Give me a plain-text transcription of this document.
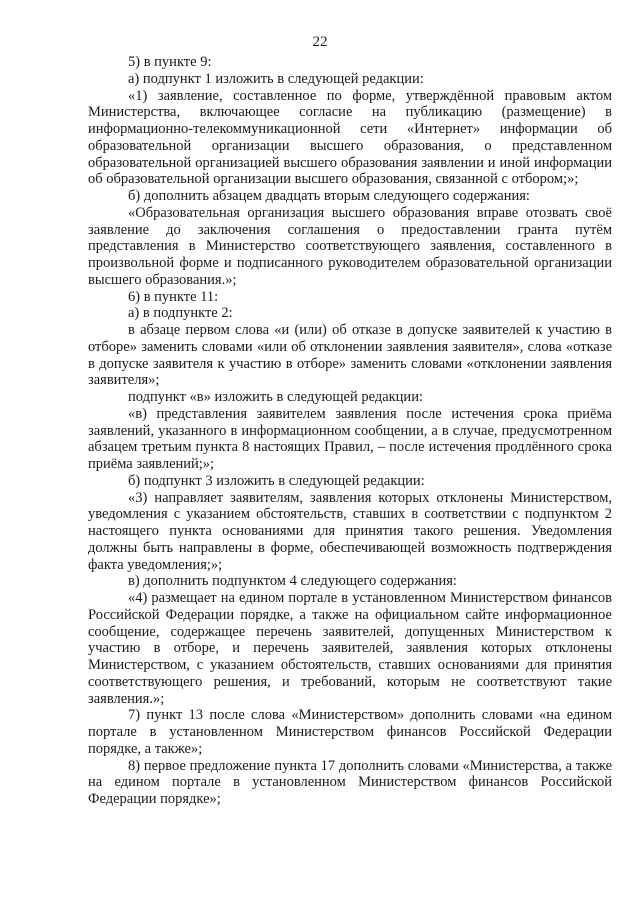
22

5) в пункте 9:

а) подпункт 1 изложить в следующей редакции:

«1) заявление, составленное по форме, утверждённой правовым актом Министерства, включающее согласие на публикацию (размещение) в информационно-телекоммуникационной сети «Интернет» информации об образовательной организации высшего образования, о представленном образовательной организацией высшего образования заявлении и иной информации об образовательной организации высшего образования, связанной с отбором;»;

б) дополнить абзацем двадцать вторым следующего содержания:

«Образовательная организация высшего образования вправе отозвать своё заявление до заключения соглашения о предоставлении гранта путём представления в Министерство соответствующего заявления, составленного в произвольной форме и подписанного руководителем образовательной организации высшего образования.»;

6) в пункте 11:

а) в подпункте 2:

в абзаце первом слова «и (или) об отказе в допуске заявителей к участию в отборе» заменить словами «или об отклонении заявления заявителя», слова «отказе в допуске заявителя к участию в отборе» заменить словами «отклонении заявления заявителя»;

подпункт «в» изложить в следующей редакции:

«в) представления заявителем заявления после истечения срока приёма заявлений, указанного в информационном сообщении, а в случае, предусмотренном абзацем третьим пункта 8 настоящих Правил, – после истечения продлённого срока приёма заявлений;»;

б) подпункт 3 изложить в следующей редакции:

«3) направляет заявителям, заявления которых отклонены Министерством, уведомления с указанием обстоятельств, ставших в соответствии с подпунктом 2 настоящего пункта основаниями для принятия такого решения. Уведомления должны быть направлены в форме, обеспечивающей возможность подтверждения факта уведомления;»;

в) дополнить подпунктом 4 следующего содержания:

«4) размещает на едином портале в установленном Министерством финансов Российской Федерации порядке, а также на официальном сайте информационное сообщение, содержащее перечень заявителей, допущенных Министерством к участию в отборе, и перечень заявителей, заявления которых отклонены Министерством, с указанием обстоятельств, ставших основаниями для принятия соответствующего решения, и требований, которым не соответствуют такие заявления.»;

7) пункт 13 после слова «Министерством» дополнить словами «на едином портале в установленном Министерством финансов Российской Федерации порядке, а также»;

8) первое предложение пункта 17 дополнить словами «Министерства, а также на едином портале в установленном Министерством финансов Российской Федерации порядке»;
